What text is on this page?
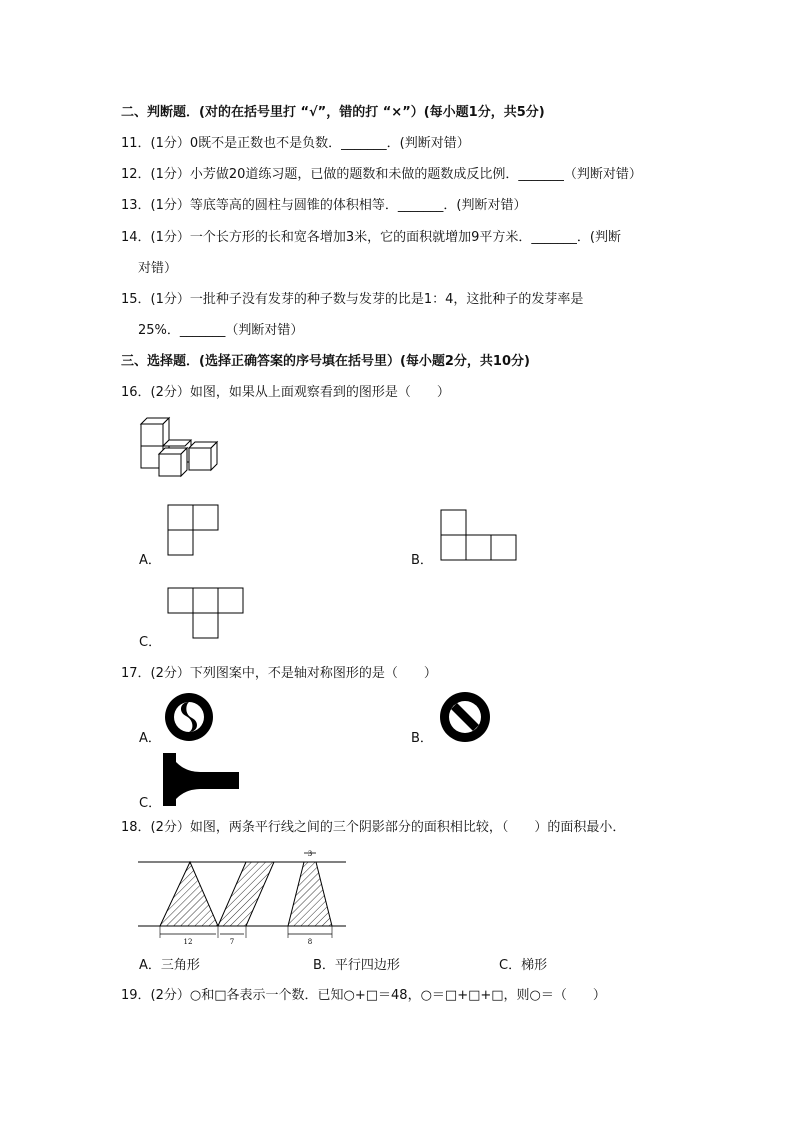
二、判断题．(对的在括号里打 “√”，错的打 “×”）(每小题1分，共5分)
11．(1分）0既不是正数也不是负数．_______．(判断对错）
12．(1分）小芳做20道练习题，已做的题数和未做的题数成反比例．_______（判断对错）
13．(1分）等底等高的圆柱与圆锥的体积相等．_______．(判断对错）
14．(1分）一个长方形的长和宽各增加3米，它的面积就增加9平方米．_______．(判断
对错）
15．(1分）一批种子没有发芽的种子数与发芽的比是1：4，这批种子的发芽率是
25%．_______（判断对错）
三、选择题．(选择正确答案的序号填在括号里）(每小题2分，共10分)
16．(2分）如图，如果从上面观察看到的图形是（　　）
A．	B．
C．
17．(2分）下列图案中，不是轴对称图形的是（　　）
A．	B．
C．
18．(2分）如图，两条平行线之间的三个阴影部分的面积相比较，（　　）的面积最小．
12	7	8
3
A．三角形	B．平行四边形	C．梯形
19．(2分）○和□各表示一个数．已知○+□＝48，○＝□+□+□，则○＝（　　）
